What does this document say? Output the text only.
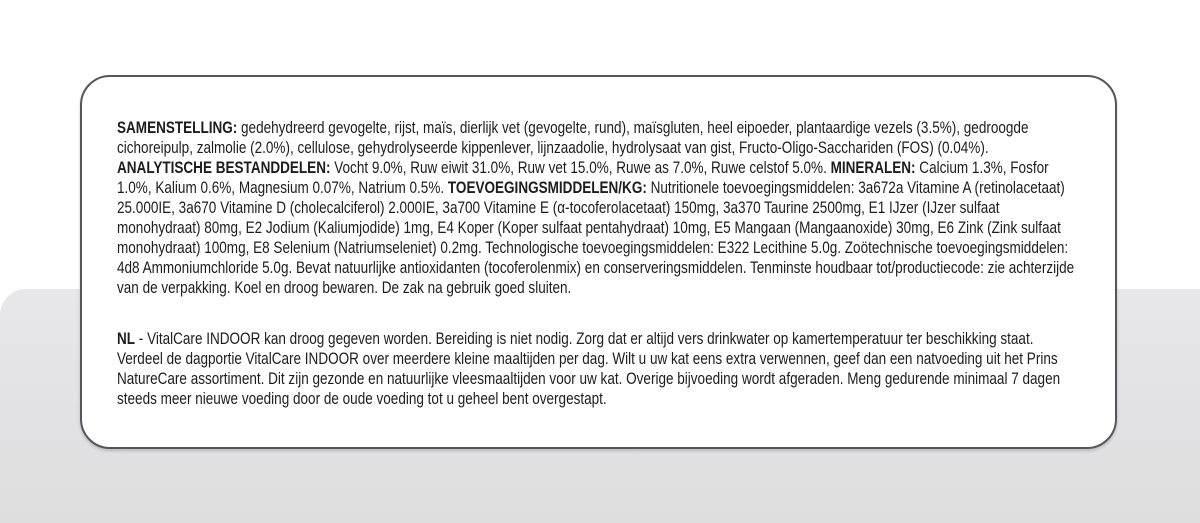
SAMENSTELLING: gedehydreerd gevogelte, rijst, maïs, dierlijk vet (gevogelte, rund), maïsgluten, heel eipoeder, plantaardige vezels (3.5%), gedroogde cichoreipulp, zalmolie (2.0%), cellulose, gehydrolyseerde kippenlever, lijnzaadolie, hydrolysaat van gist, Fructo-Oligo-Sacchariden (FOS) (0.04%). ANALYTISCHE BESTANDDELEN: Vocht 9.0%, Ruw eiwit 31.0%, Ruw vet 15.0%, Ruwe as 7.0%, Ruwe celstof 5.0%. MINERALEN: Calcium 1.3%, Fosfor 1.0%, Kalium 0.6%, Magnesium 0.07%, Natrium 0.5%. TOEVOEGINGSMIDDELEN/KG: Nutritionele toevoegingsmiddelen: 3a672a Vitamine A (retinolacetaat) 25.000IE, 3a670 Vitamine D (cholecalciferol) 2.000IE, 3a700 Vitamine E (α-tocoferolacetaat) 150mg, 3a370 Taurine 2500mg, E1 IJzer (IJzer sulfaat monohydraat) 80mg, E2 Jodium (Kaliumjodide) 1mg, E4 Koper (Koper sulfaat pentahydraat) 10mg, E5 Mangaan (Mangaanoxide) 30mg, E6 Zink (Zink sulfaat monohydraat) 100mg, E8 Selenium (Natriumseleniet) 0.2mg. Technologische toevoegingsmiddelen: E322 Lecithine 5.0g. Zoötechnische toevoegingsmiddelen: 4d8 Ammoniumchloride 5.0g. Bevat natuurlijke antioxidanten (tocoferolenmix) en conserveringsmiddelen. Tenminste houdbaar tot/productiecode: zie achterzijde van de verpakking. Koel en droog bewaren. De zak na gebruik goed sluiten.

NL - VitalCare INDOOR kan droog gegeven worden. Bereiding is niet nodig. Zorg dat er altijd vers drinkwater op kamertemperatuur ter beschikking staat. Verdeel de dagportie VitalCare INDOOR over meerdere kleine maaltijden per dag. Wilt u uw kat eens extra verwennen, geef dan een natvoeding uit het Prins NatureCare assortiment. Dit zijn gezonde en natuurlijke vleesmaaltijden voor uw kat. Overige bijvoeding wordt afgeraden. Meng gedurende minimaal 7 dagen steeds meer nieuwe voeding door de oude voeding tot u geheel bent overgestapt.
